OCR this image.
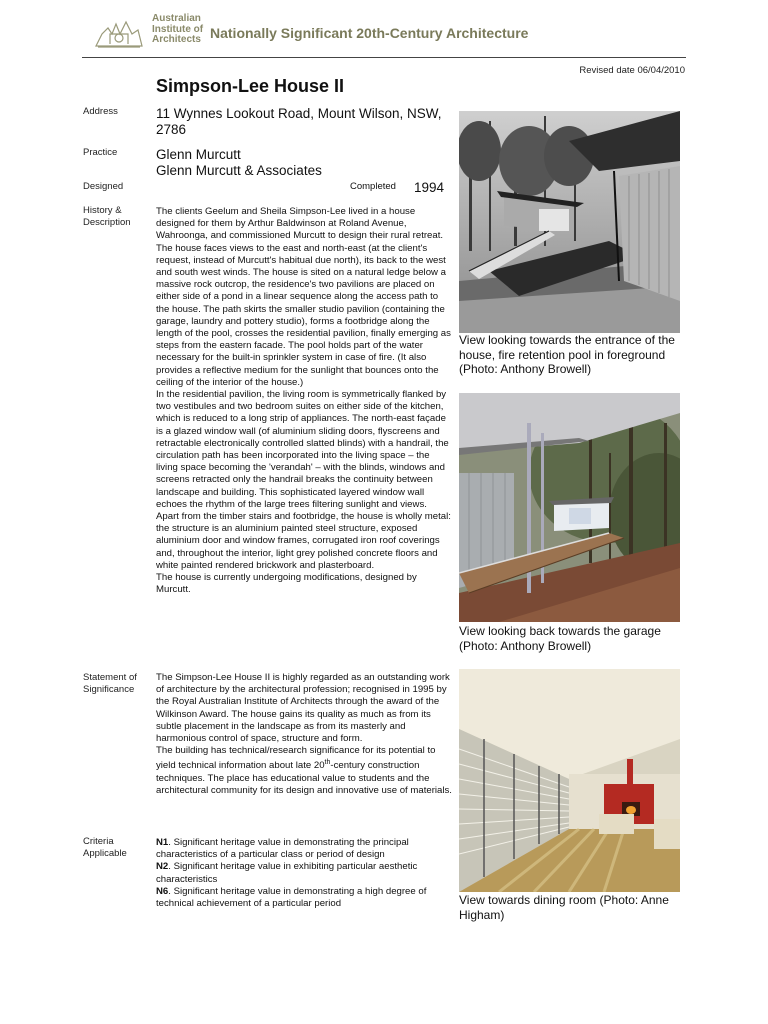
Australian
Institute of
Architects Nationally Significant 20th-Century Architecture
Revised date 06/04/2010
Simpson-Lee House II
Address	11 Wynnes Lookout Road, Mount Wilson, NSW, 2786
Practice	Glenn Murcutt
Glenn Murcutt & Associates
Designed	Completed 1994
History &
Description

The clients Geelum and Sheila Simpson-Lee lived in a house designed for them by Arthur Baldwinson at Roland Avenue, Wahroonga, and commissioned Murcutt to design their rural retreat. The house faces views to the east and north-east (at the client's request, instead of Murcutt's habitual due north), its back to the west and south west winds. The house is sited on a natural ledge below a massive rock outcrop, the residence's two pavilions are placed on either side of a pond in a linear sequence along the access path to the house. The path skirts the smaller studio pavilion (containing the garage, laundry and pottery studio), forms a footbridge along the length of the pool, crosses the residential pavilion, finally emerging as steps from the eastern facade. The pool holds part of the water necessary for the built-in sprinkler system in case of fire. (It also provides a reflective medium for the sunlight that bounces onto the ceiling of the interior of the house.)

In the residential pavilion, the living room is symmetrically flanked by two vestibules and two bedroom suites on either side of the kitchen, which is reduced to a long strip of appliances. The north-east façade is a glazed window wall (of aluminium sliding doors, flyscreens and retractable electronically controlled slatted blinds) with a handrail, the circulation path has been incorporated into the living space – the living space becoming the 'verandah' – with the blinds, windows and screens retracted only the handrail breaks the continuity between landscape and building. This sophisticated layered window wall echoes the rhythm of the large trees filtering sunlight and views.

Apart from the timber stairs and footbridge, the house is wholly metal: the structure is an aluminium painted steel structure, exposed aluminium door and window frames, corrugated iron roof coverings and, throughout the interior, light grey polished concrete floors and white painted rendered brickwork and plasterboard.

The house is currently undergoing modifications, designed by Murcutt.

Statement of
Significance

The Simpson-Lee House II is highly regarded as an outstanding work of architecture by the architectural profession; recognised in 1995 by the Royal Australian Institute of Architects through the award of the Wilkinson Award. The house gains its quality as much as from its subtle placement in the landscape as from its masterly and harmonious control of space, structure and form.

The building has technical/research significance for its potential to yield technical information about late 20th-century construction techniques. The place has educational value to students and the architectural community for its design and innovative use of materials.

Criteria
Applicable

N1. Significant heritage value in demonstrating the principal characteristics of a particular class or period of design

N2. Significant heritage value in exhibiting particular aesthetic characteristics

N6. Significant heritage value in demonstrating a high degree of technical achievement of a particular period

View looking towards the entrance of the house, fire retention pool in foreground (Photo: Anthony Browell)
View looking back towards the garage (Photo: Anthony Browell)
View towards dining room (Photo: Anne Higham)
